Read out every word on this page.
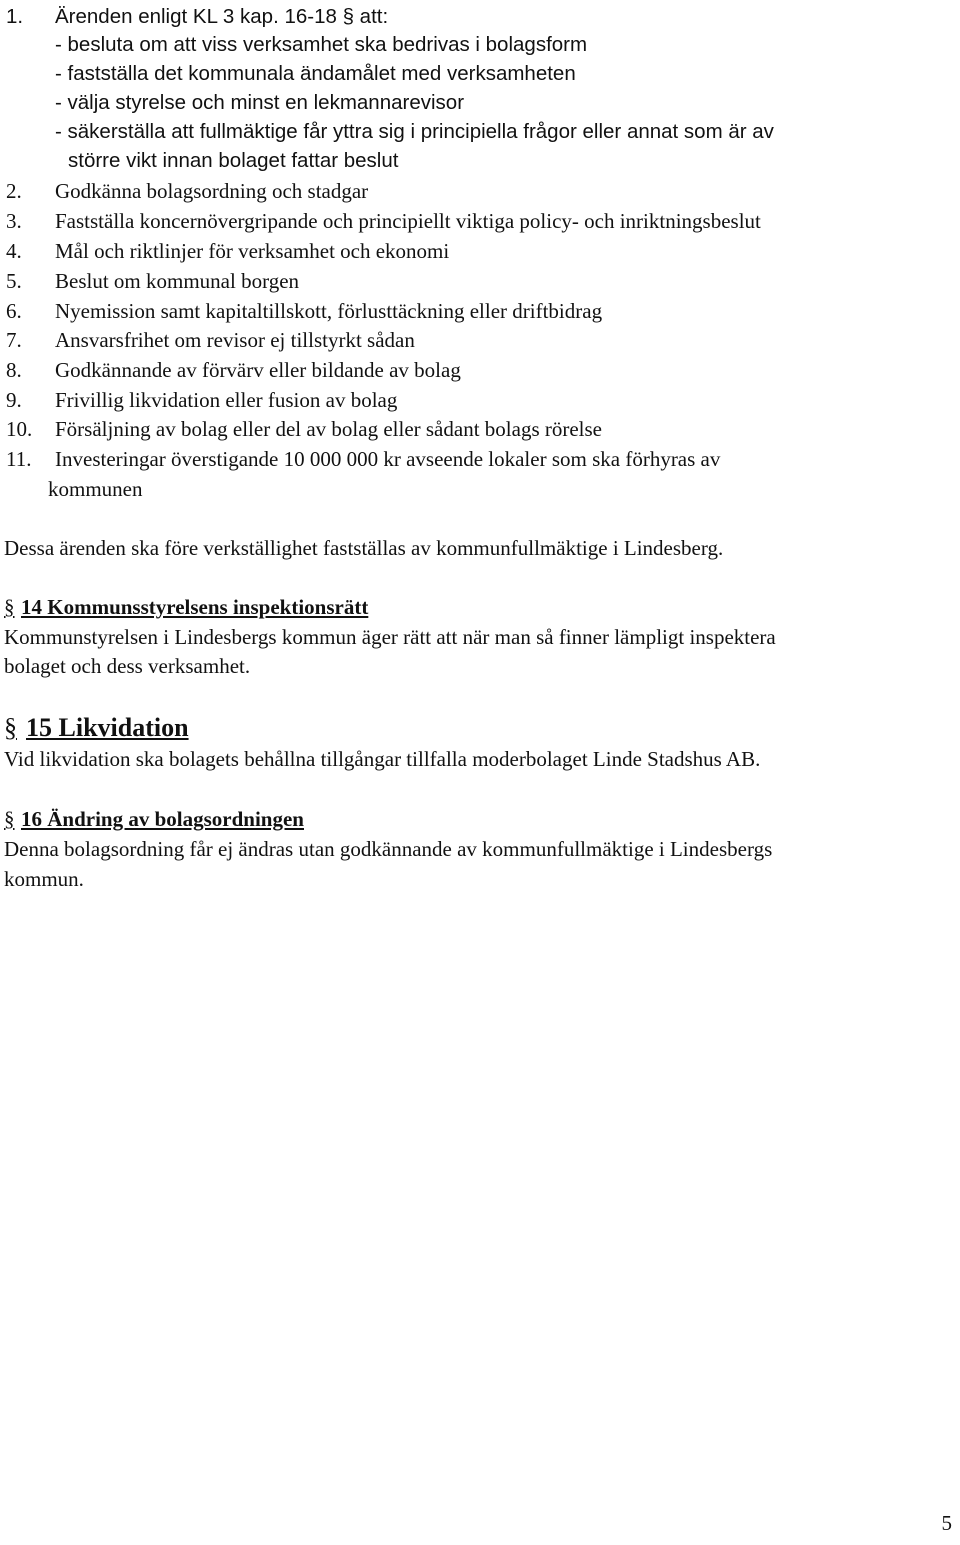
1. Ärenden enligt KL 3 kap. 16-18 § att:
- besluta om att viss verksamhet ska bedrivas i bolagsform
- fastställa det kommunala ändamålet med verksamheten
- välja styrelse och minst en lekmannarevisor
- säkerställa att fullmäktige får yttra sig i principiella frågor eller annat som är av
större vikt innan bolaget fattar beslut
2. Godkänna bolagsordning och stadgar
3. Fastställa koncernövergripande och principiellt viktiga policy- och inriktningsbeslut
4. Mål och riktlinjer för verksamhet och ekonomi
5. Beslut om kommunal borgen
6. Nyemission samt kapitaltillskott, förlusttäckning eller driftbidrag
7. Ansvarsfrihet om revisor ej tillstyrkt sådan
8. Godkännande av förvärv eller bildande av bolag
9. Frivillig likvidation eller fusion av bolag
10. Försäljning av bolag eller del av bolag eller sådant bolags rörelse
11. Investeringar överstigande 10 000 000 kr avseende lokaler som ska förhyras av
kommunen
Dessa ärenden ska före verkställighet fastställas av kommunfullmäktige i Lindesberg.
§ 14 Kommunsstyrelsens inspektionsrätt
Kommunstyrelsen i Lindesbergs kommun äger rätt att när man så finner lämpligt inspektera
bolaget och dess verksamhet.
§ 15 Likvidation
Vid likvidation ska bolagets behållna tillgångar tillfalla moderbolaget Linde Stadshus AB.
§ 16 Ändring av bolagsordningen
Denna bolagsordning får ej ändras utan godkännande av kommunfullmäktige i Lindesbergs
kommun.
5
